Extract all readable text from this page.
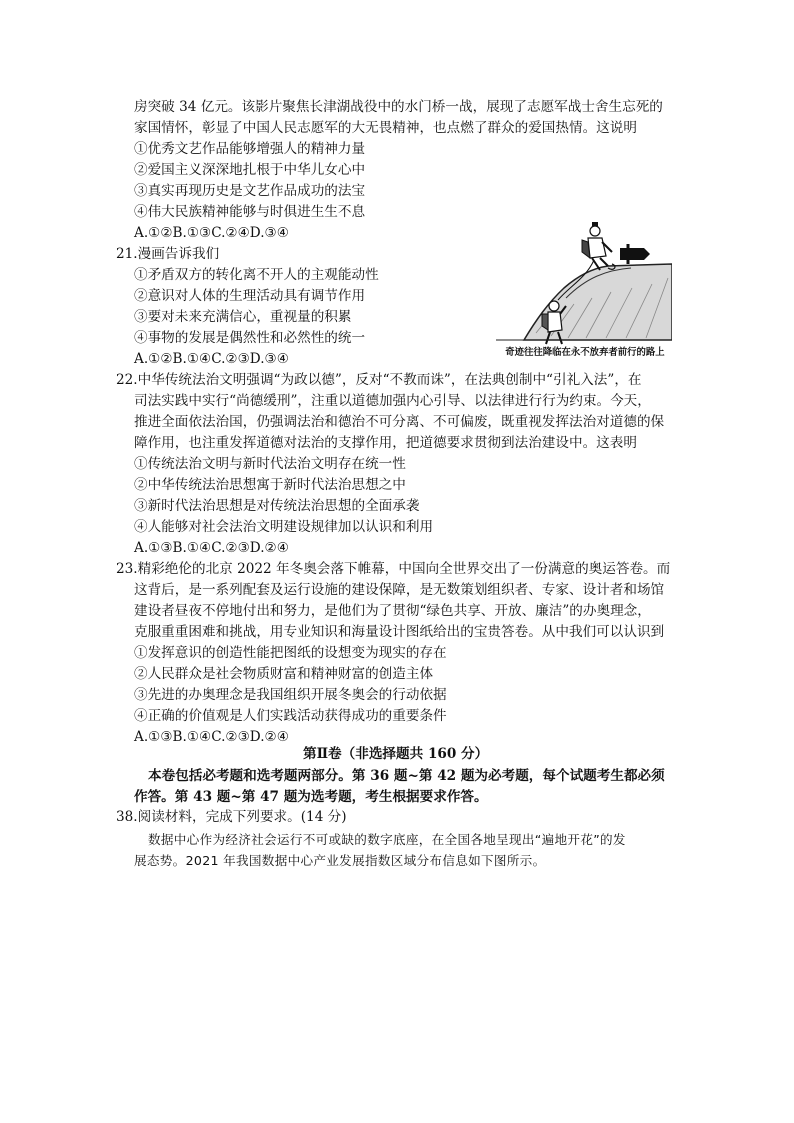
房突破 34 亿元。该影片聚焦长津湖战役中的水门桥一战，展现了志愿军战士舍生忘死的
家国情怀，彰显了中国人民志愿军的大无畏精神，也点燃了群众的爱国热情。这说明
①优秀文艺作品能够增强人的精神力量
②爱国主义深深地扎根于中华儿女心中
③真实再现历史是文艺作品成功的法宝
④伟大民族精神能够与时俱进生生不息
A.①②B.①③C.②④D.③④
21.漫画告诉我们
①矛盾双方的转化离不开人的主观能动性
②意识对人体的生理活动具有调节作用
③要对未来充满信心，重视量的积累
④事物的发展是偶然性和必然性的统一
A.①②B.①④C.②③D.③④	奇迹往往降临在永不放弃者前行的路上
22.中华传统法治文明强调“为政以德”，反对“不教而诛”，在法典创制中“引礼入法”，在
司法实践中实行“尚德缓刑”，注重以道德加强内心引导、以法律进行行为约束。今天，
推进全面依法治国，仍强调法治和德治不可分离、不可偏废，既重视发挥法治对道德的保
障作用，也注重发挥道德对法治的支撑作用，把道德要求贯彻到法治建设中。这表明
①传统法治文明与新时代法治文明存在统一性
②中华传统法治思想寓于新时代法治思想之中
③新时代法治思想是对传统法治思想的全面承袭
④人能够对社会法治文明建设规律加以认识和利用
A.①③B.①④C.②③D.②④
23.精彩绝伦的北京 2022 年冬奥会落下帷幕，中国向全世界交出了一份满意的奥运答卷。而
这背后，是一系列配套及运行设施的建设保障，是无数策划组织者、专家、设计者和场馆
建设者昼夜不停地付出和努力，是他们为了贯彻“绿色共享、开放、廉洁”的办奥理念，
克服重重困难和挑战，用专业知识和海量设计图纸给出的宝贵答卷。从中我们可以认识到
①发挥意识的创造性能把图纸的设想变为现实的存在
②人民群众是社会物质财富和精神财富的创造主体
③先进的办奥理念是我国组织开展冬奥会的行动依据
④正确的价值观是人们实践活动获得成功的重要条件
A.①③B.①④C.②③D.②④
第Ⅱ卷（非选择题共 160 分）
本卷包括必考题和选考题两部分。第 36 题~第 42 题为必考题，每个试题考生都必须
作答。第 43 题~第 47 题为选考题，考生根据要求作答。
38.阅读材料，完成下列要求。(14 分)
数据中心作为经济社会运行不可或缺的数字底座，在全国各地呈现出“遍地开花”的发
展态势。2021 年我国数据中心产业发展指数区域分布信息如下图所示。
